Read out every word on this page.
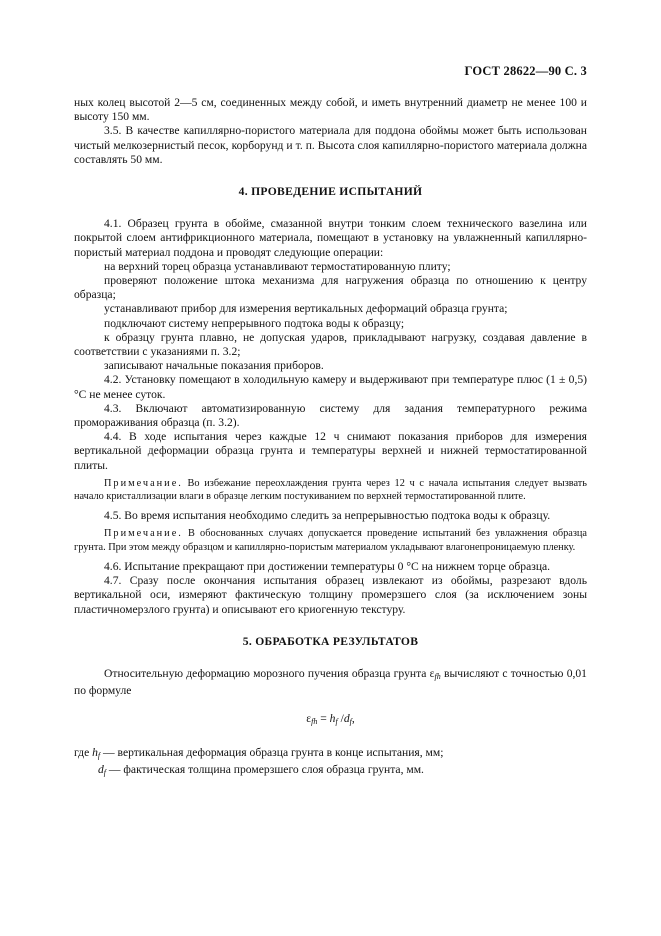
ГОСТ 28622—90 С. 3

ных колец высотой 2—5 см, соединенных между собой, и иметь внутренний диаметр не менее 100 и высоту 150 мм.

3.5. В качестве капиллярно-пористого материала для поддона обоймы может быть использован чистый мелкозернистый песок, корборунд и т. п. Высота слоя капиллярно-пористого материала должна составлять 50 мм.

4. ПРОВЕДЕНИЕ ИСПЫТАНИЙ

4.1. Образец грунта в обойме, смазанной внутри тонким слоем технического вазелина или покрытой слоем антифрикционного материала, помещают в установку на увлажненный капиллярно-пористый материал поддона и проводят следующие операции:

на верхний торец образца устанавливают термостатированную плиту;

проверяют положение штока механизма для нагружения образца по отношению к центру образца;

устанавливают прибор для измерения вертикальных деформаций образца грунта;

подключают систему непрерывного подтока воды к образцу;

к образцу грунта плавно, не допуская ударов, прикладывают нагрузку, создавая давление в соответствии с указаниями п. 3.2;

записывают начальные показания приборов.

4.2. Установку помещают в холодильную камеру и выдерживают при температуре плюс (1 ± 0,5) °С не менее суток.

4.3. Включают автоматизированную систему для задания температурного режима промораживания образца (п. 3.2).

4.4. В ходе испытания через каждые 12 ч снимают показания приборов для измерения вертикальной деформации образца грунта и температуры верхней и нижней термостатированной плиты.

Примечание. Во избежание переохлаждения грунта через 12 ч с начала испытания следует вызвать начало кристаллизации влаги в образце легким постукиванием по верхней термостатированной плите.

4.5. Во время испытания необходимо следить за непрерывностью подтока воды к образцу.

Примечание. В обоснованных случаях допускается проведение испытаний без увлажнения образца грунта. При этом между образцом и капиллярно-пористым материалом укладывают влагонепроницаемую пленку.

4.6. Испытание прекращают при достижении температуры 0 °С на нижнем торце образца.

4.7. Сразу после окончания испытания образец извлекают из обоймы, разрезают вдоль вертикальной оси, измеряют фактическую толщину промерзшего слоя (за исключением зоны пластичномерзлого грунта) и описывают его криогенную текстуру.

5. ОБРАБОТКА РЕЗУЛЬТАТОВ

Относительную деформацию морозного пучения образца грунта $\varepsilon_{fh}$ вычисляют с точностью 0,01 по формуле

$\varepsilon_{fh} = h_f$ $/d_f$,

где $h_f$ — вертикальная деформация образца грунта в конце испытания, мм;

$d_f$ — фактическая толщина промерзшего слоя образца грунта, мм.
